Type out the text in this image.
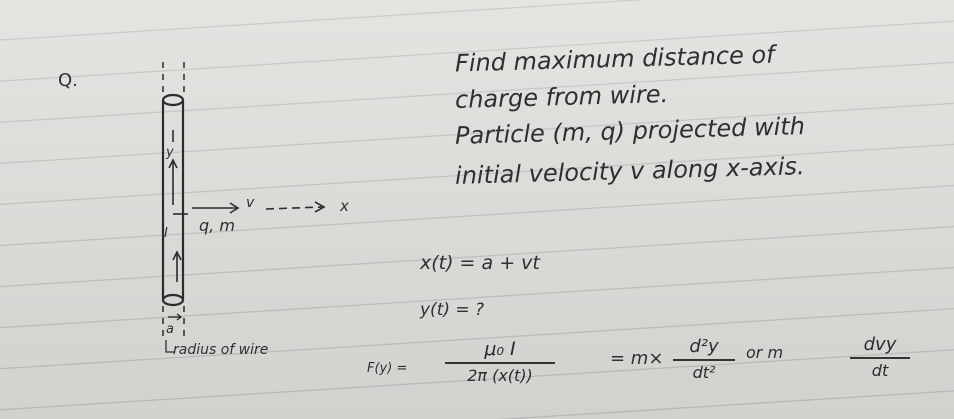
Q.
Find maximum distance of
charge from wire.
Particle (m, q) projected with
initial velocity v along x-axis.
y
I q, m
v	x
a
radius of wire
x(t) = a + vt
y(t) = ?
F(y) =
μ₀ I
2π (x(t))
= m×
d²y
dt²
or m	dvy
dt
